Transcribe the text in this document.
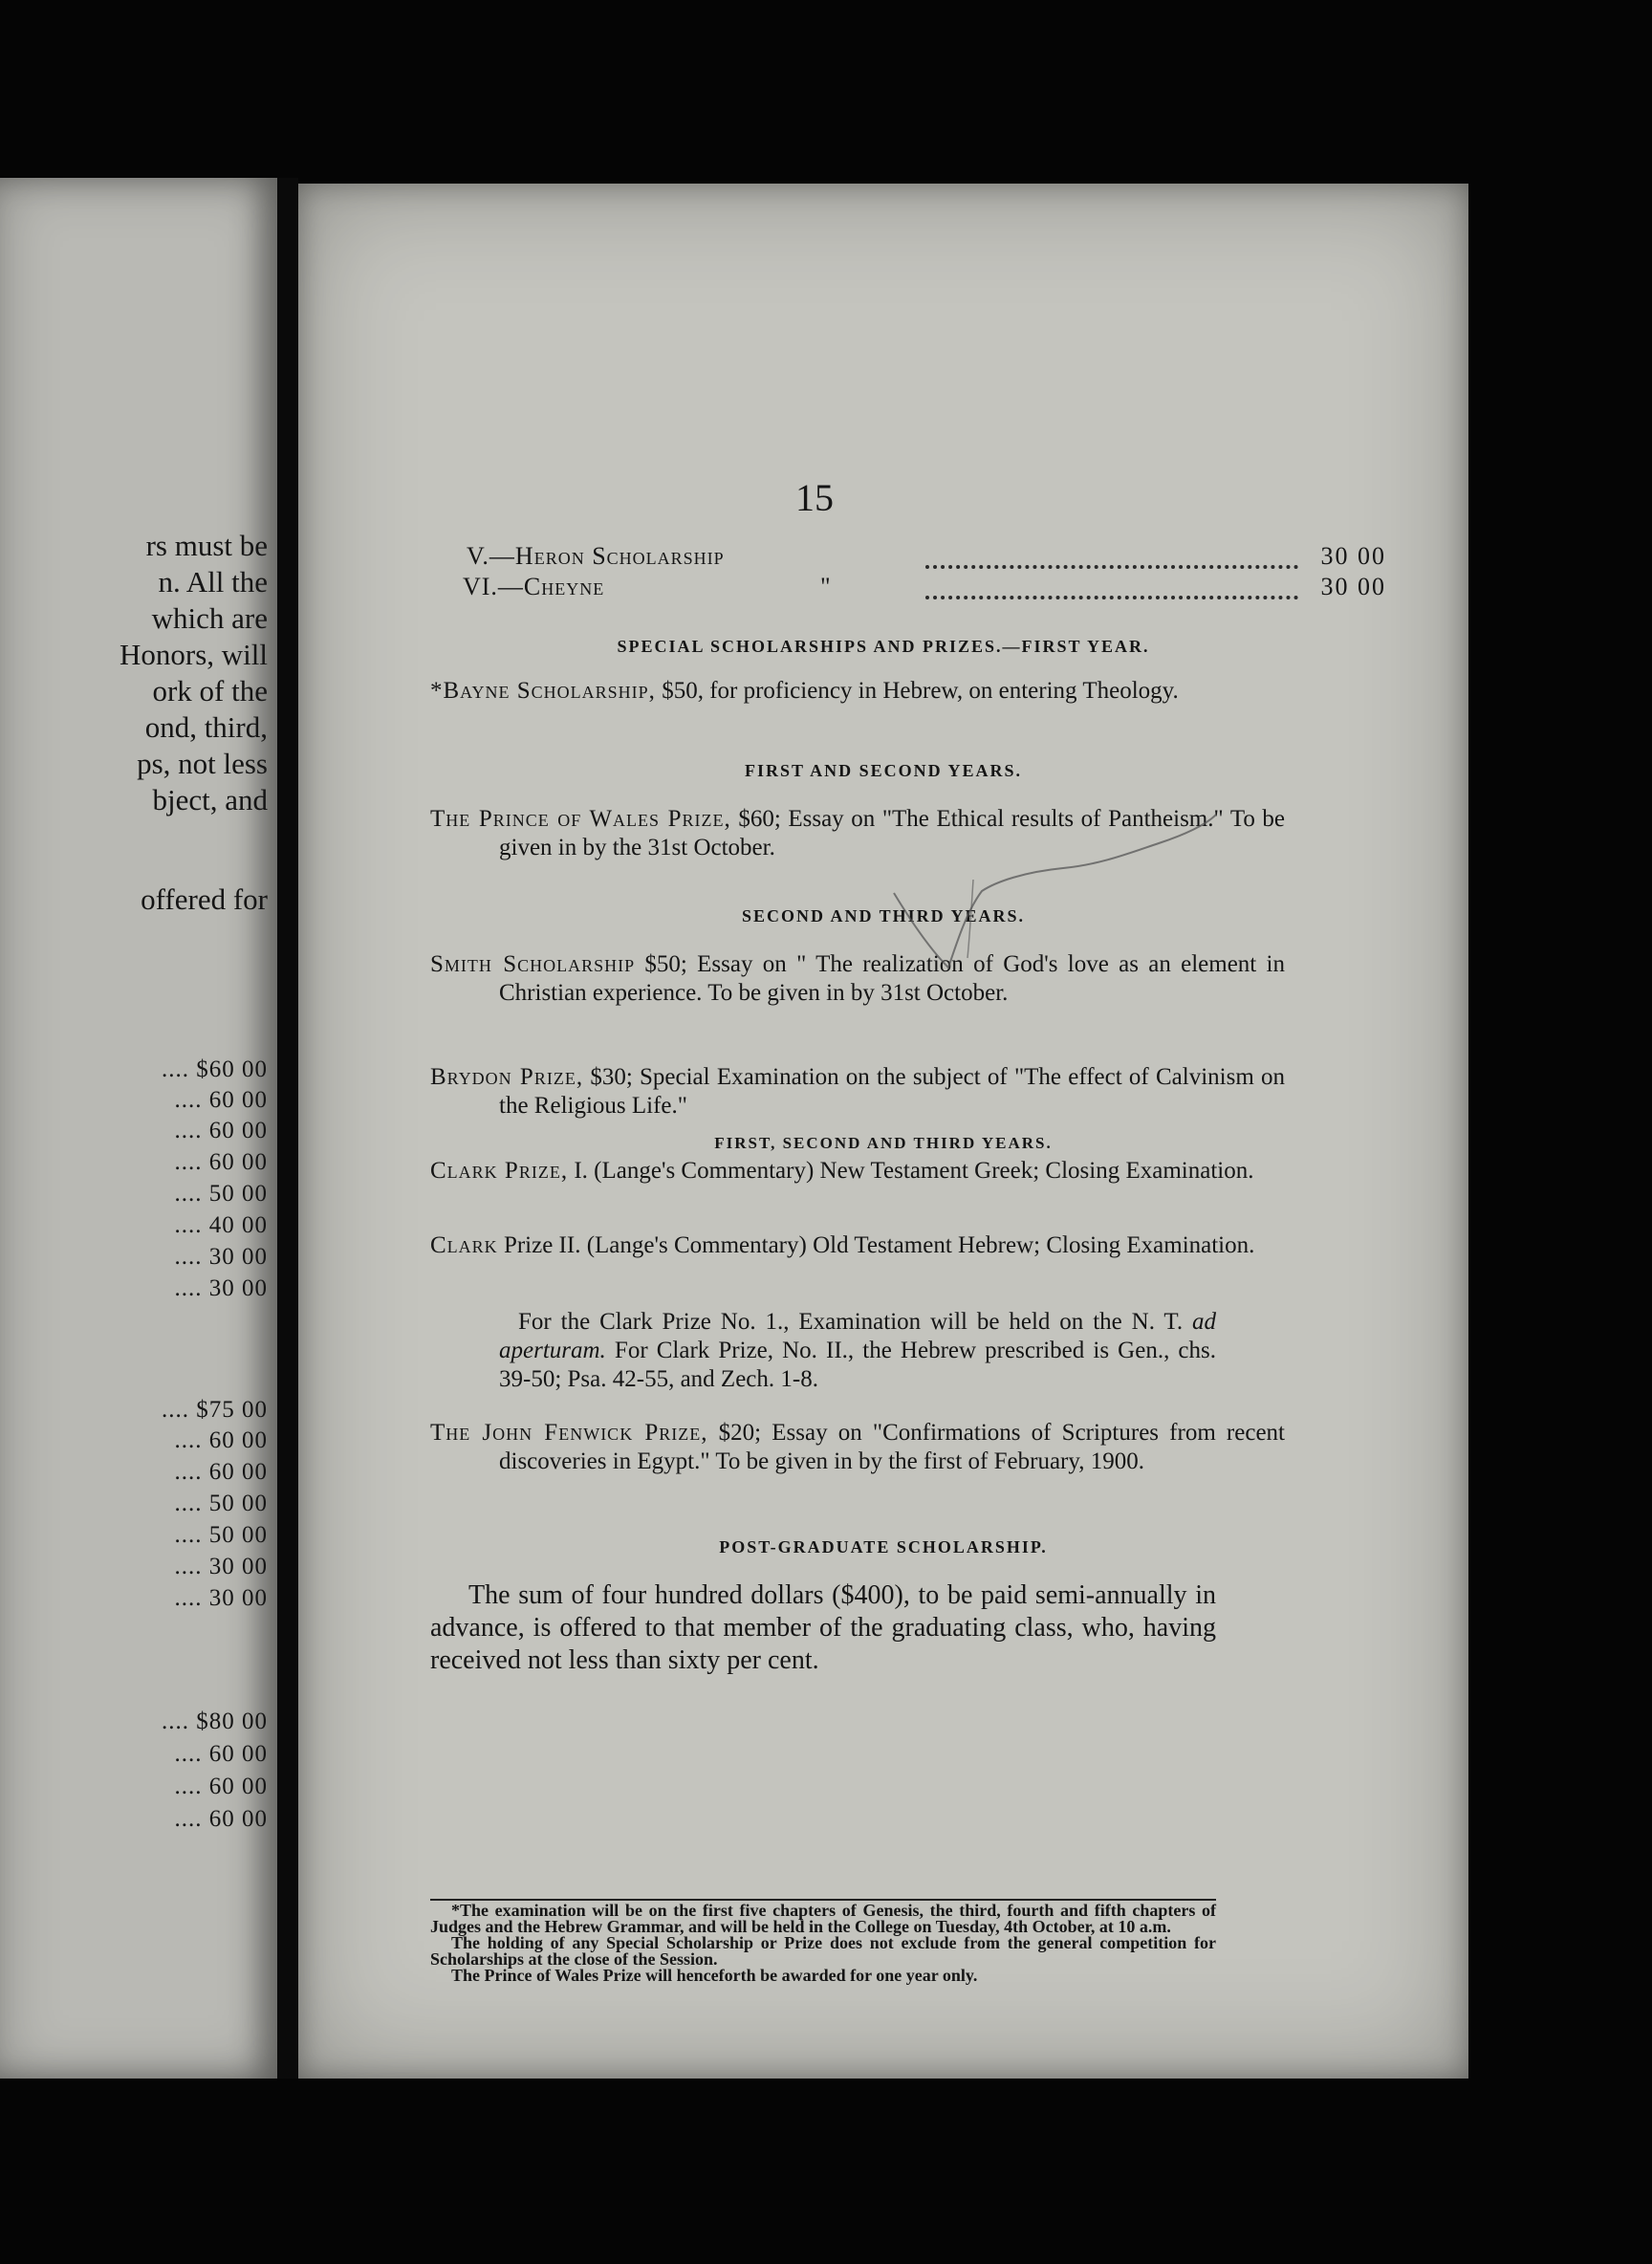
rs must be
n. All the
which are
Honors, will
ork of the
ond, third,
ps, not less
bject, and
offered for
.... $60 00
.... 60 00
.... 60 00
.... 60 00
.... 50 00
.... 40 00
.... 30 00
.... 30 00
.... $75 00
.... 60 00
.... 60 00
.... 50 00
.... 50 00
.... 30 00
.... 30 00
.... $80 00
.... 60 00
.... 60 00
.... 60 00
15
V.—Heron Scholarship	30 00
VI.—Cheyne	"	30 00
SPECIAL SCHOLARSHIPS AND PRIZES.—FIRST YEAR.
*Bayne Scholarship, $50, for proficiency in Hebrew, on entering Theology.
FIRST AND SECOND YEARS.
The Prince of Wales Prize, $60; Essay on "The Ethical results of Pantheism." To be given in by the 31st October.
SECOND AND THIRD YEARS.
Smith Scholarship $50; Essay on " The realization of God's love as an element in Christian experience. To be given in by 31st October.
Brydon Prize, $30; Special Examination on the subject of "The effect of Calvinism on the Religious Life."
FIRST, SECOND AND THIRD YEARS.
Clark Prize, I. (Lange's Commentary) New Testament Greek; Closing Examination.
Clark Prize II. (Lange's Commentary) Old Testament Hebrew; Closing Examination.
For the Clark Prize No. 1., Examination will be held on the N. T. ad aperturam. For Clark Prize, No. II., the Hebrew prescribed is Gen., chs. 39-50; Psa. 42-55, and Zech. 1-8.
The John Fenwick Prize, $20; Essay on "Confirmations of Scriptures from recent discoveries in Egypt." To be given in by the first of February, 1900.
POST-GRADUATE SCHOLARSHIP.
The sum of four hundred dollars ($400), to be paid semi-annually in advance, is offered to that member of the graduating class, who, having received not less than sixty per cent.

*The examination will be on the first five chapters of Genesis, the third, fourth and fifth chapters of Judges and the Hebrew Grammar, and will be held in the College on Tuesday, 4th October, at 10 a.m.

The holding of any Special Scholarship or Prize does not exclude from the general competition for Scholarships at the close of the Session.

The Prince of Wales Prize will henceforth be awarded for one year only.
